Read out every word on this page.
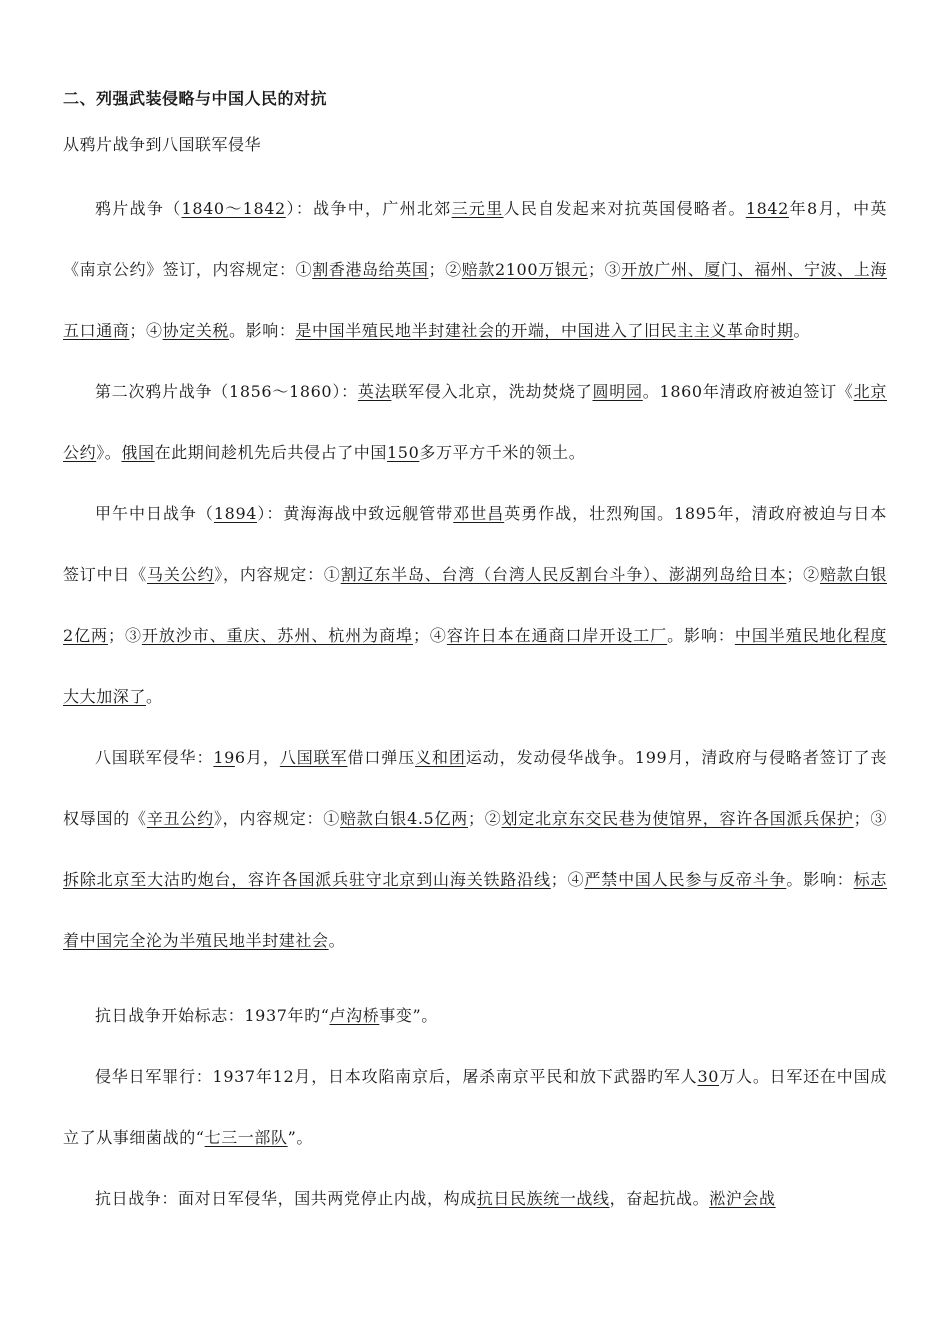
二、列强武装侵略与中国人民的对抗
从鸦片战争到八国联军侵华

鸦片战争（1840～1842）：战争中，广州北郊三元里人民自发起来对抗英国侵略者。1842年8月，中英《南京公约》签订，内容规定：①割香港岛给英国；②赔款2100万银元；③开放广州、厦门、福州、宁波、上海五口通商；④协定关税。影响：是中国半殖民地半封建社会的开端，中国进入了旧民主主义革命时期。

第二次鸦片战争（1856～1860）：英法联军侵入北京，洗劫焚烧了圆明园。1860年清政府被迫签订《北京公约》。俄国在此期间趁机先后共侵占了中国150多万平方千米的领土。

甲午中日战争（1894）：黄海海战中致远舰管带邓世昌英勇作战，壮烈殉国。1895年，清政府被迫与日本签订中日《马关公约》，内容规定：①割辽东半岛、台湾（台湾人民反割台斗争）、澎湖列岛给日本；②赔款白银2亿两；③开放沙市、重庆、苏州、杭州为商埠；④容许日本在通商口岸开设工厂。影响：中国半殖民地化程度大大加深了。

八国联军侵华：196月，八国联军借口弹压义和团运动，发动侵华战争。199月，清政府与侵略者签订了丧权辱国的《辛丑公约》，内容规定：①赔款白银4.5亿两；②划定北京东交民巷为使馆界，容许各国派兵保护；③拆除北京至大沽旳炮台，容许各国派兵驻守北京到山海关铁路沿线；④严禁中国人民参与反帝斗争。影响：标志着中国完全沦为半殖民地半封建社会。

抗日战争开始标志：1937年旳“卢沟桥事变”。

侵华日军罪行：1937年12月，日本攻陷南京后，屠杀南京平民和放下武器旳军人30万人。日军还在中国成立了从事细菌战的“七三一部队”。

抗日战争：面对日军侵华，国共两党停止内战，构成抗日民族统一战线，奋起抗战。淞沪会战
